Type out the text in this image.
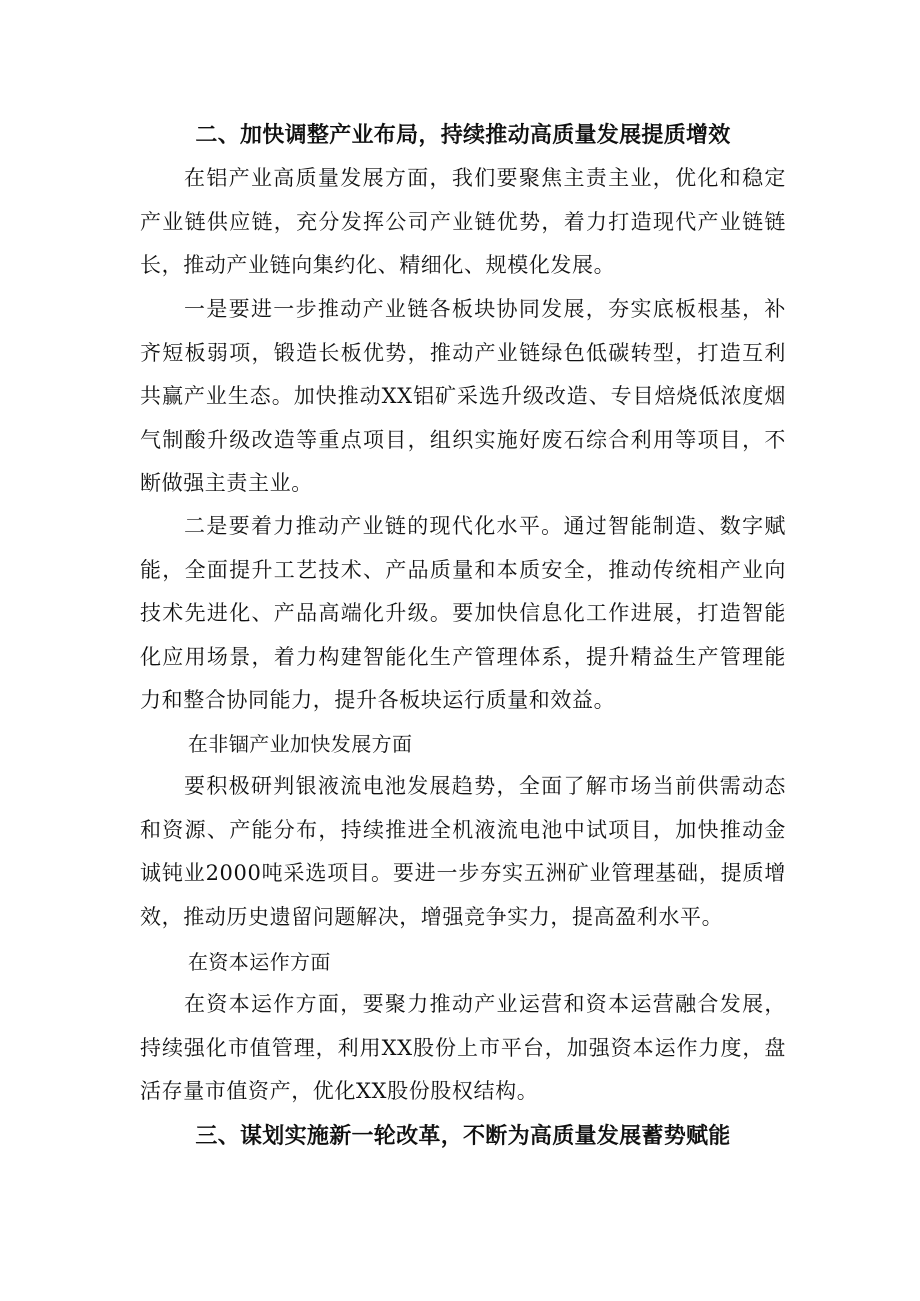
二、加快调整产业布局，持续推动高质量发展提质增效

在铝产业高质量发展方面，我们要聚焦主责主业，优化和稳定产业链供应链，充分发挥公司产业链优势，着力打造现代产业链链长，推动产业链向集约化、精细化、规模化发展。

一是要进一步推动产业链各板块协同发展，夯实底板根基，补齐短板弱项，锻造长板优势，推动产业链绿色低碳转型，打造互利共赢产业生态。加快推动XX铝矿采选升级改造、专目焙烧低浓度烟气制酸升级改造等重点项目，组织实施好废石综合利用等项目，不断做强主责主业。

二是要着力推动产业链的现代化水平。通过智能制造、数字赋能，全面提升工艺技术、产品质量和本质安全，推动传统相产业向技术先进化、产品高端化升级。要加快信息化工作进展，打造智能化应用场景，着力构建智能化生产管理体系，提升精益生产管理能力和整合协同能力，提升各板块运行质量和效益。

在非锢产业加快发展方面

要积极研判银液流电池发展趋势，全面了解市场当前供需动态和资源、产能分布，持续推进全机液流电池中试项目，加快推动金诚钝业2000吨采选项目。要进一步夯实五洲矿业管理基础，提质增效，推动历史遗留问题解决，增强竞争实力，提高盈利水平。

在资本运作方面

在资本运作方面，要聚力推动产业运营和资本运营融合发展，持续强化市值管理，利用XX股份上市平台，加强资本运作力度，盘活存量市值资产，优化XX股份股权结构。

三、谋划实施新一轮改革，不断为高质量发展蓄势赋能
